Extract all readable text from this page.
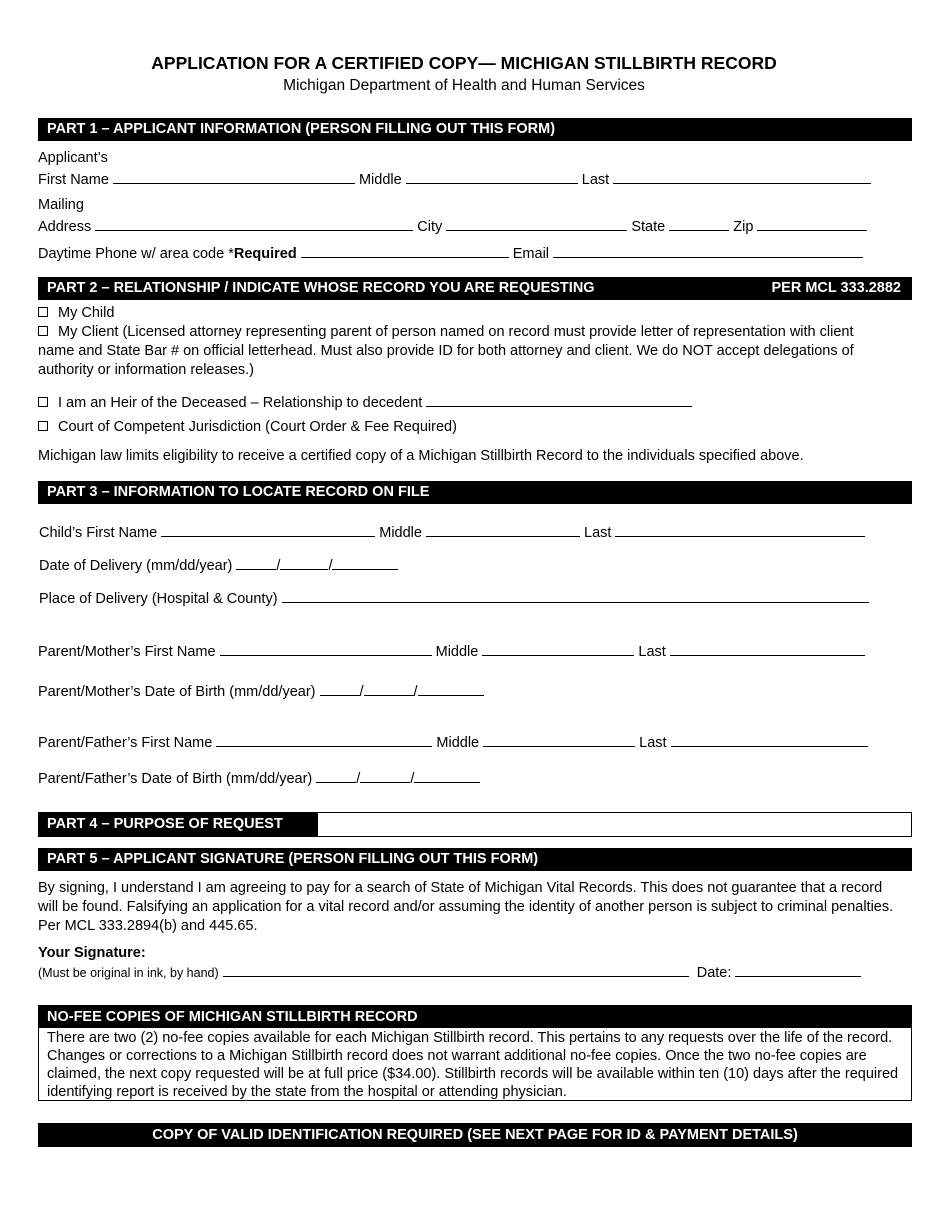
APPLICATION FOR A CERTIFIED COPY— MICHIGAN STILLBIRTH RECORD
Michigan Department of Health and Human Services
PART 1 – APPLICANT INFORMATION (PERSON FILLING OUT THIS FORM)
Applicant’s
First Name	Middle	Last
Mailing
Address	City	State	Zip
Daytime Phone w/ area code *Required	Email
PART 2 – RELATIONSHIP / INDICATE WHOSE RECORD YOU ARE REQUESTING	PER MCL 333.2882
My Child
My Client (Licensed attorney representing parent of person named on record must provide letter of representation with client name and State Bar # on official letterhead. Must also provide ID for both attorney and client. We do NOT accept delegations of authority or information releases.)
I am an Heir of the Deceased – Relationship to decedent
Court of Competent Jurisdiction (Court Order & Fee Required)
Michigan law limits eligibility to receive a certified copy of a Michigan Stillbirth Record to the individuals specified above.
PART 3 – INFORMATION TO LOCATE RECORD ON FILE
Child’s First Name	Middle	Last
Date of Delivery (mm/dd/year)	/	/
Place of Delivery (Hospital & County)
Parent/Mother’s First Name	Middle	Last
Parent/Mother’s Date of Birth (mm/dd/year)	/	/
Parent/Father’s First Name	Middle	Last
Parent/Father’s Date of Birth (mm/dd/year)	/	/
PART 4 – PURPOSE OF REQUEST
PART 5 – APPLICANT SIGNATURE (PERSON FILLING OUT THIS FORM)
By signing, I understand I am agreeing to pay for a search of State of Michigan Vital Records. This does not guarantee that a record will be found. Falsifying an application for a vital record and/or assuming the identity of another person is subject to criminal penalties. Per MCL 333.2894(b) and 445.65.
Your Signature:
(Must be original in ink, by hand)	Date:
NO-FEE COPIES OF MICHIGAN STILLBIRTH RECORD
There are two (2) no-fee copies available for each Michigan Stillbirth record. This pertains to any requests over the life of the record. Changes or corrections to a Michigan Stillbirth record does not warrant additional no-fee copies. Once the two no-fee copies are claimed, the next copy requested will be at full price ($34.00). Stillbirth records will be available within ten (10) days after the required identifying report is received by the state from the hospital or attending physician.
COPY OF VALID IDENTIFICATION REQUIRED (SEE NEXT PAGE FOR ID & PAYMENT DETAILS)
